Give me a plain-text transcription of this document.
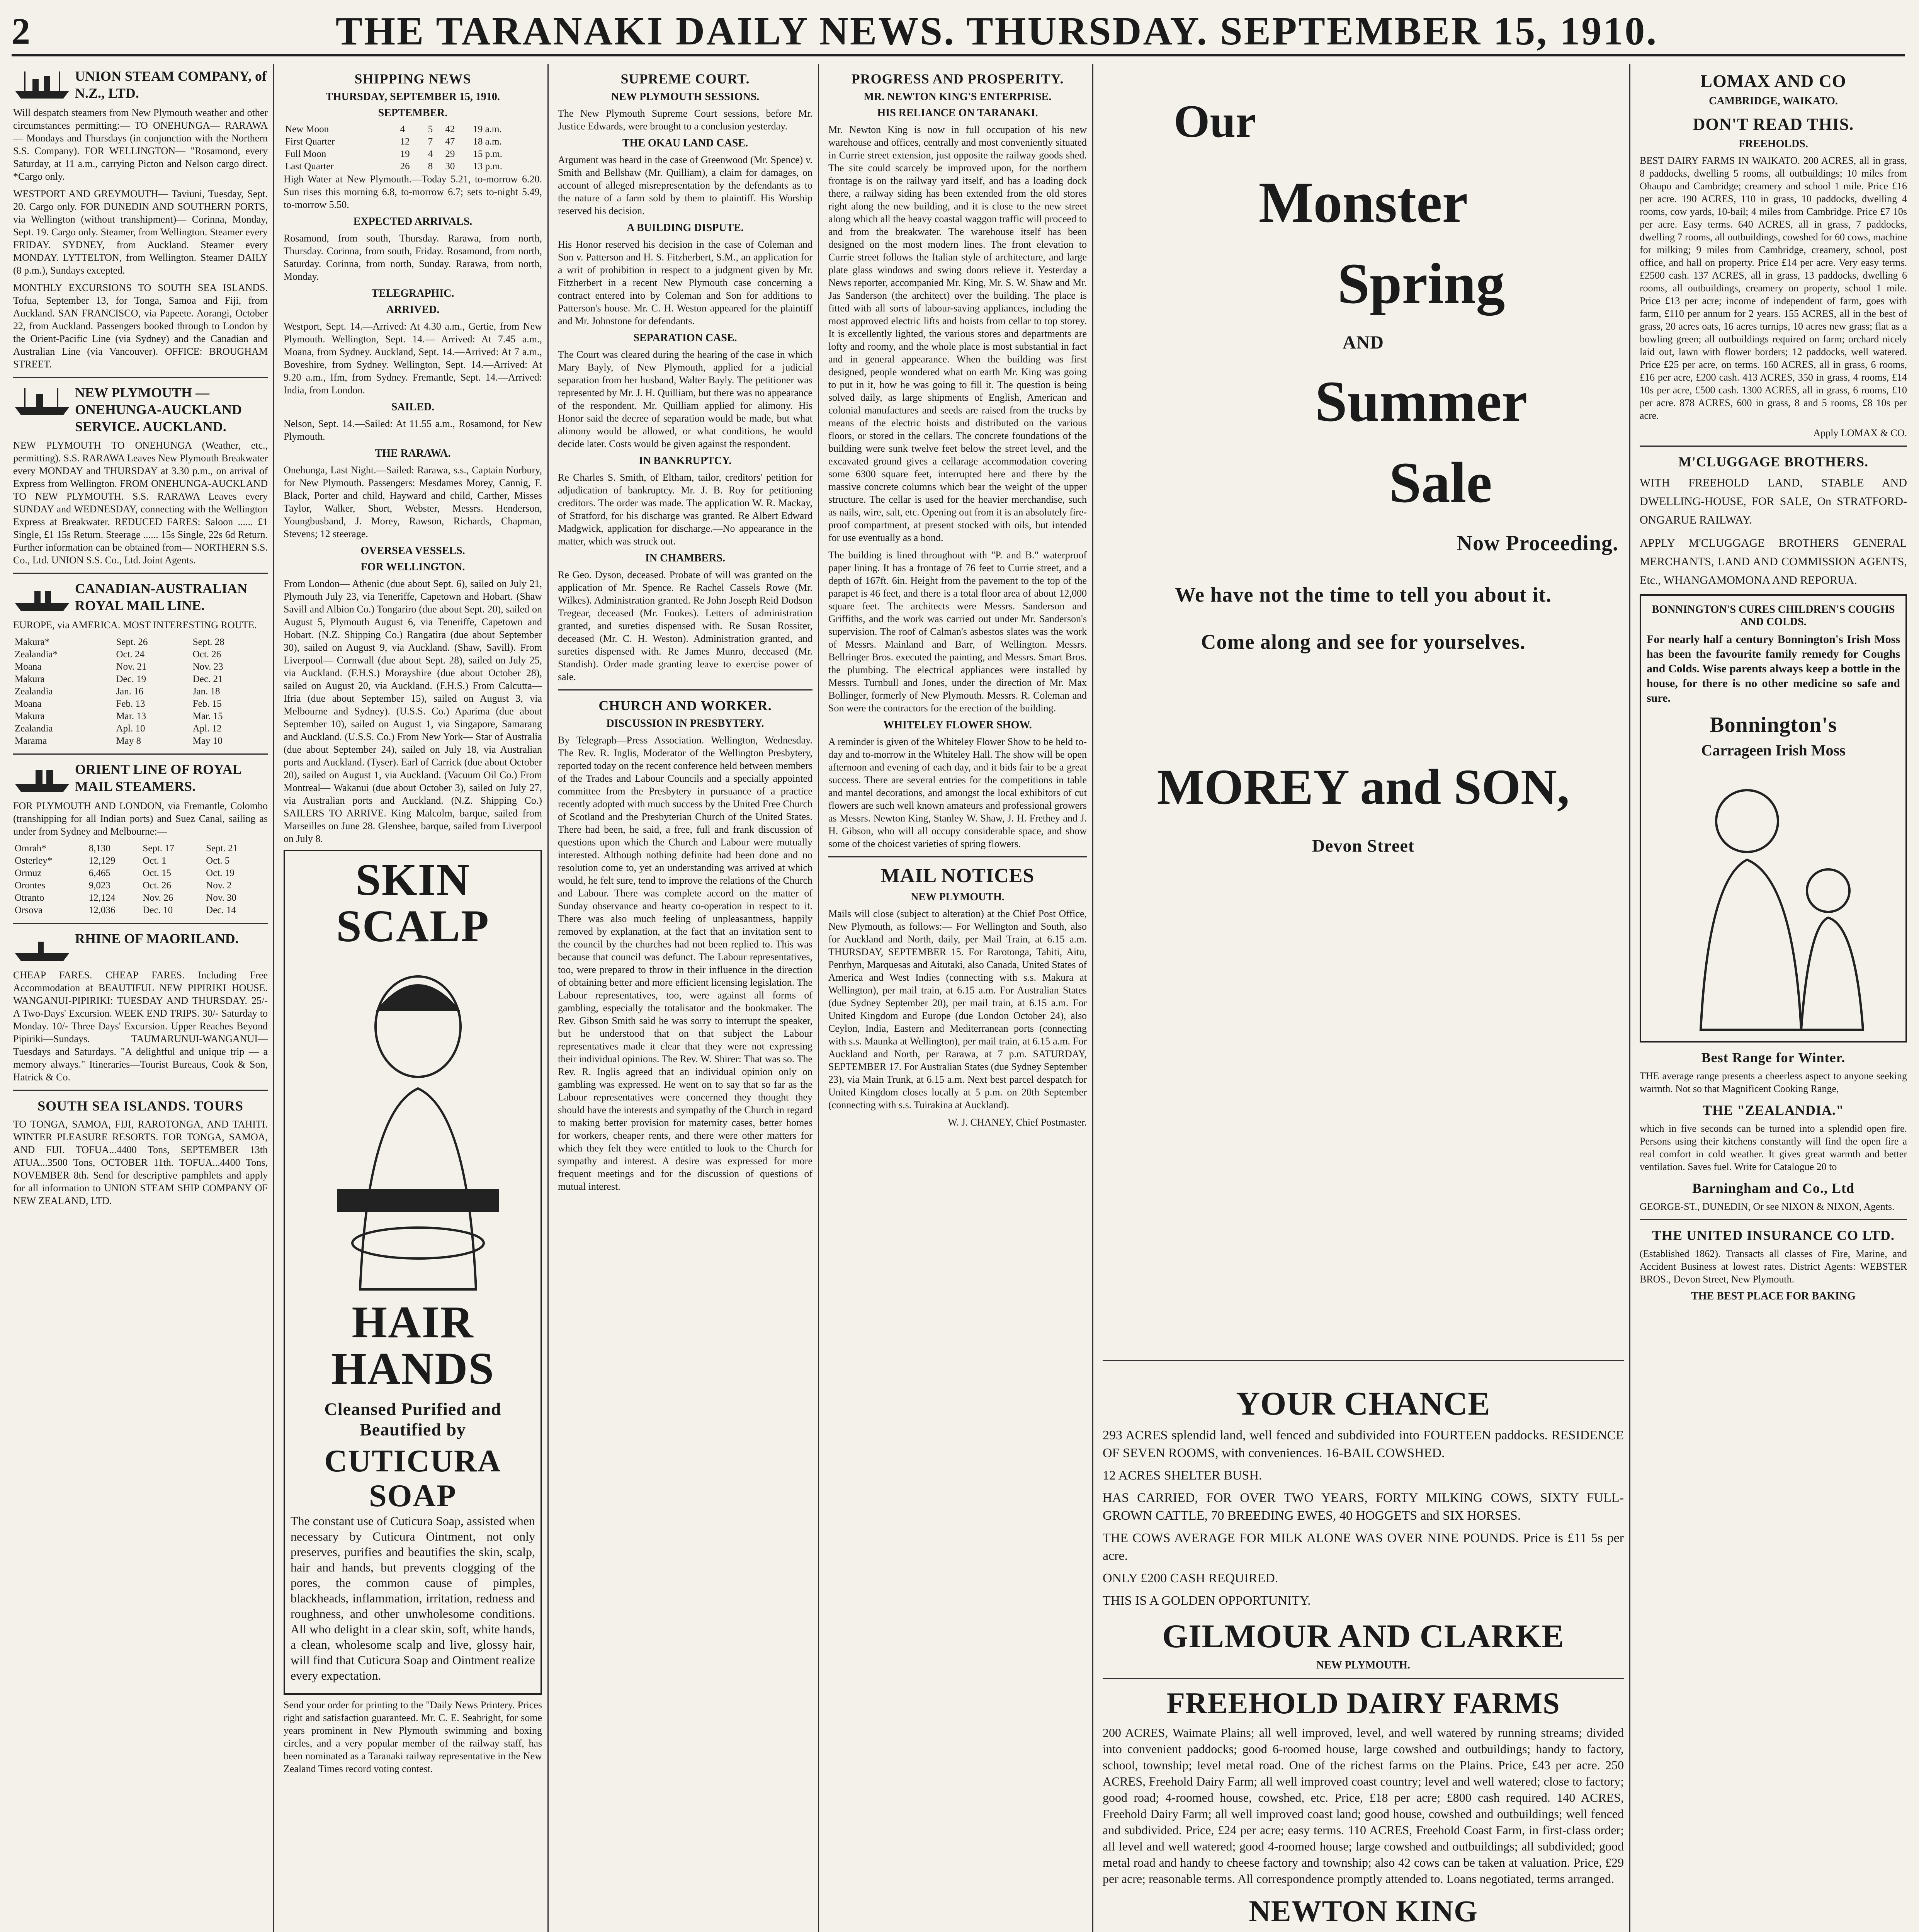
2	THE TARANAKI DAILY NEWS. THURSDAY. SEPTEMBER 15, 1910.
UNION STEAM COMPANY, of N.Z., LTD.

Will despatch steamers from New Plymouth weather and other circumstances permitting:— TO ONEHUNGA— RARAWA — Mondays and Thursdays (in conjunction with the Northern S.S. Company). FOR WELLINGTON— "Rosamond, every Saturday, at 11 a.m., carrying Picton and Nelson cargo direct. *Cargo only.

WESTPORT AND GREYMOUTH— Taviuni, Tuesday, Sept. 20. Cargo only. FOR DUNEDIN AND SOUTHERN PORTS, via Wellington (without transhipment)— Corinna, Monday, Sept. 19. Cargo only. Steamer, from Wellington. Steamer every FRIDAY. SYDNEY, from Auckland. Steamer every MONDAY. LYTTELTON, from Wellington. Steamer DAILY (8 p.m.), Sundays excepted.

MONTHLY EXCURSIONS TO SOUTH SEA ISLANDS. Tofua, September 13, for Tonga, Samoa and Fiji, from Auckland. SAN FRANCISCO, via Papeete. Aorangi, October 22, from Auckland. Passengers booked through to London by the Orient-Pacific Line (via Sydney) and the Canadian and Australian Line (via Vancouver). OFFICE: BROUGHAM STREET.

NEW PLYMOUTH — ONEHUNGA-AUCKLAND SERVICE. AUCKLAND.

NEW PLYMOUTH TO ONEHUNGA (Weather, etc., permitting). S.S. RARAWA Leaves New Plymouth Breakwater every MONDAY and THURSDAY at 3.30 p.m., on arrival of Express from Wellington. FROM ONEHUNGA-AUCKLAND TO NEW PLYMOUTH. S.S. RARAWA Leaves every SUNDAY and WEDNESDAY, connecting with the Wellington Express at Breakwater. REDUCED FARES: Saloon ...... £1 Single, £1 15s Return. Steerage ...... 15s Single, 22s 6d Return. Further information can be obtained from— NORTHERN S.S. Co., Ltd. UNION S.S. Co., Ltd. Joint Agents.

CANADIAN-AUSTRALIAN ROYAL MAIL LINE.

EUROPE, via AMERICA. MOST INTERESTING ROUTE.

Makura*	Sept. 26	Sept. 28
Zealandia*	Oct. 24	Oct. 26
Moana	Nov. 21	Nov. 23
Makura	Dec. 19	Dec. 21
Zealandia	Jan. 16	Jan. 18
Moana	Feb. 13	Feb. 15
Makura	Mar. 13	Mar. 15
Zealandia	Apl. 10	Apl. 12
Marama	May 8	May 10
ORIENT LINE OF ROYAL MAIL STEAMERS.

FOR PLYMOUTH AND LONDON, via Fremantle, Colombo (transhipping for all Indian ports) and Suez Canal, sailing as under from Sydney and Melbourne:—

Omrah*	8,130	Sept. 17	Sept. 21
Osterley*	12,129	Oct. 1	Oct. 5
Ormuz	6,465	Oct. 15	Oct. 19
Orontes	9,023	Oct. 26	Nov. 2
Otranto	12,124	Nov. 26	Nov. 30
Orsova	12,036	Dec. 10	Dec. 14
RHINE OF MAORILAND.

CHEAP FARES. CHEAP FARES. Including Free Accommodation at BEAUTIFUL NEW PIPIRIKI HOUSE. WANGANUI-PIPIRIKI: TUESDAY AND THURSDAY. 25/- A Two-Days' Excursion. WEEK END TRIPS. 30/- Saturday to Monday. 10/- Three Days' Excursion. Upper Reaches Beyond Pipiriki—Sundays. TAUMARUNUI-WANGANUI— Tuesdays and Saturdays. "A delightful and unique trip — a memory always." Itineraries—Tourist Bureaus, Cook & Son, Hatrick & Co.

SOUTH SEA ISLANDS. TOURS

TO TONGA, SAMOA, FIJI, RAROTONGA, AND TAHITI. WINTER PLEASURE RESORTS. FOR TONGA, SAMOA, AND FIJI. TOFUA...4400 Tons, SEPTEMBER 13th ATUA...3500 Tons, OCTOBER 11th. TOFUA...4400 Tons, NOVEMBER 8th. Send for descriptive pamphlets and apply for all information to UNION STEAM SHIP COMPANY OF NEW ZEALAND, LTD.

SHIPPING NEWS
THURSDAY, SEPTEMBER 15, 1910.
SEPTEMBER.
New Moon	4	5	42	19 a.m.
First Quarter	12	7	47	18 a.m.
Full Moon	19	4	29	15 p.m.
Last Quarter	26	8	30	13 p.m.

High Water at New Plymouth.—Today 5.21, to-morrow 6.20. Sun rises this morning 6.8, to-morrow 6.7; sets to-night 5.49, to-morrow 5.50.

EXPECTED ARRIVALS.

Rosamond, from south, Thursday. Rarawa, from north, Thursday. Corinna, from south, Friday. Rosamond, from north, Saturday. Corinna, from north, Sunday. Rarawa, from north, Monday.

TELEGRAPHIC.
ARRIVED.

Westport, Sept. 14.—Arrived: At 4.30 a.m., Gertie, from New Plymouth. Wellington, Sept. 14.— Arrived: At 7.45 a.m., Moana, from Sydney. Auckland, Sept. 14.—Arrived: At 7 a.m., Boveshire, from Sydney. Wellington, Sept. 14.—Arrived: At 9.20 a.m., Ifm, from Sydney. Fremantle, Sept. 14.—Arrived: India, from London.

SAILED.

Nelson, Sept. 14.—Sailed: At 11.55 a.m., Rosamond, for New Plymouth.

THE RARAWA.

Onehunga, Last Night.—Sailed: Rarawa, s.s., Captain Norbury, for New Plymouth. Passengers: Mesdames Morey, Cannig, F. Black, Porter and child, Hayward and child, Carther, Misses Taylor, Walker, Short, Webster, Messrs. Henderson, Youngbusband, J. Morey, Rawson, Richards, Chapman, Stevens; 12 steerage.

OVERSEA VESSELS.
FOR WELLINGTON.

From London— Athenic (due about Sept. 6), sailed on July 21, Plymouth July 23, via Teneriffe, Capetown and Hobart. (Shaw Savill and Albion Co.) Tongariro (due about Sept. 20), sailed on August 5, Plymouth August 6, via Teneriffe, Capetown and Hobart. (N.Z. Shipping Co.) Rangatira (due about September 30), sailed on August 9, via Auckland. (Shaw, Savill). From Liverpool— Cornwall (due about Sept. 28), sailed on July 25, via Auckland. (F.H.S.) Morayshire (due about October 28), sailed on August 20, via Auckland. (F.H.S.) From Calcutta— Ifria (due about September 15), sailed on August 3, via Melbourne and Sydney). (U.S.S. Co.) Aparima (due about September 10), sailed on August 1, via Singapore, Samarang and Auckland. (U.S.S. Co.) From New York— Star of Australia (due about September 24), sailed on July 18, via Australian ports and Auckland. (Tyser). Earl of Carrick (due about October 20), sailed on August 1, via Auckland. (Vacuum Oil Co.) From Montreal— Wakanui (due about October 3), sailed on July 27, via Australian ports and Auckland. (N.Z. Shipping Co.) SAILERS TO ARRIVE. King Malcolm, barque, sailed from Marseilles on June 28. Glenshee, barque, sailed from Liverpool on July 8.

SKIN SCALP
HAIR HANDS
Cleansed Purified and Beautified by
CUTICURA SOAP

The constant use of Cuticura Soap, assisted when necessary by Cuticura Ointment, not only preserves, purifies and beautifies the skin, scalp, hair and hands, but prevents clogging of the pores, the common cause of pimples, blackheads, inflammation, irritation, redness and roughness, and other unwholesome conditions. All who delight in a clear skin, soft, white hands, a clean, wholesome scalp and live, glossy hair, will find that Cuticura Soap and Ointment realize every expectation.

Send your order for printing to the "Daily News Printery. Prices right and satisfaction guaranteed. Mr. C. E. Seabright, for some years prominent in New Plymouth swimming and boxing circles, and a very popular member of the railway staff, has been nominated as a Taranaki railway representative in the New Zealand Times record voting contest.

SUPREME COURT.
NEW PLYMOUTH SESSIONS.

The New Plymouth Supreme Court sessions, before Mr. Justice Edwards, were brought to a conclusion yesterday.

THE OKAU LAND CASE.

Argument was heard in the case of Greenwood (Mr. Spence) v. Smith and Bellshaw (Mr. Quilliam), a claim for damages, on account of alleged misrepresentation by the defendants as to the nature of a farm sold by them to plaintiff. His Worship reserved his decision.

A BUILDING DISPUTE.

His Honor reserved his decision in the case of Coleman and Son v. Patterson and H. S. Fitzherbert, S.M., an application for a writ of prohibition in respect to a judgment given by Mr. Fitzherbert in a recent New Plymouth case concerning a contract entered into by Coleman and Son for additions to Patterson's house. Mr. C. H. Weston appeared for the plaintiff and Mr. Johnstone for defendants.

SEPARATION CASE.

The Court was cleared during the hearing of the case in which Mary Bayly, of New Plymouth, applied for a judicial separation from her husband, Walter Bayly. The petitioner was represented by Mr. J. H. Quilliam, but there was no appearance of the respondent. Mr. Quilliam applied for alimony. His Honor said the decree of separation would be made, but what alimony would be allowed, or what conditions, he would decide later. Costs would be given against the respondent.

IN BANKRUPTCY.

Re Charles S. Smith, of Eltham, tailor, creditors' petition for adjudication of bankruptcy. Mr. J. B. Roy for petitioning creditors. The order was made. The application W. R. Mackay, of Stratford, for his discharge was granted. Re Albert Edward Madgwick, application for discharge.—No appearance in the matter, which was struck out.

IN CHAMBERS.

Re Geo. Dyson, deceased. Probate of will was granted on the application of Mr. Spence. Re Rachel Cassels Rowe (Mr. Wilkes). Administration granted. Re John Joseph Reid Dodson Tregear, deceased (Mr. Fookes). Letters of administration granted, and sureties dispensed with. Re Susan Rossiter, deceased (Mr. C. H. Weston). Administration granted, and sureties dispensed with. Re James Munro, deceased (Mr. Standish). Order made granting leave to exercise power of sale.

CHURCH AND WORKER.
DISCUSSION IN PRESBYTERY.

By Telegraph—Press Association. Wellington, Wednesday. The Rev. R. Inglis, Moderator of the Wellington Presbytery, reported today on the recent conference held between members of the Trades and Labour Councils and a specially appointed committee from the Presbytery in pursuance of a practice recently adopted with much success by the United Free Church of Scotland and the Presbyterian Church of the United States. There had been, he said, a free, full and frank discussion of questions upon which the Church and Labour were mutually interested. Although nothing definite had been done and no resolution come to, yet an understanding was arrived at which would, he felt sure, tend to improve the relations of the Church and Labour. There was complete accord on the matter of Sunday observance and hearty co-operation in respect to it. There was also much feeling of unpleasantness, happily removed by explanation, at the fact that an invitation sent to the council by the churches had not been replied to. This was because that council was defunct. The Labour representatives, too, were prepared to throw in their influence in the direction of obtaining better and more efficient licensing legislation. The Labour representatives, too, were against all forms of gambling, especially the totalisator and the bookmaker. The Rev. Gibson Smith said he was sorry to interrupt the speaker, but he understood that on that subject the Labour representatives made it clear that they were not expressing their individual opinions. The Rev. W. Shirer: That was so. The Rev. R. Inglis agreed that an individual opinion only on gambling was expressed. He went on to say that so far as the Labour representatives were concerned they thought they should have the interests and sympathy of the Church in regard to making better provision for maternity cases, better homes for workers, cheaper rents, and there were other matters for which they felt they were entitled to look to the Church for sympathy and interest. A desire was expressed for more frequent meetings and for the discussion of questions of mutual interest.

PROGRESS AND PROSPERITY.
MR. NEWTON KING'S ENTERPRISE.
HIS RELIANCE ON TARANAKI.

Mr. Newton King is now in full occupation of his new warehouse and offices, centrally and most conveniently situated in Currie street extension, just opposite the railway goods shed. The site could scarcely be improved upon, for the northern frontage is on the railway yard itself, and has a loading dock there, a railway siding has been extended from the old stores right along the new building, and it is close to the new street along which all the heavy coastal waggon traffic will proceed to and from the breakwater. The warehouse itself has been designed on the most modern lines. The front elevation to Currie street follows the Italian style of architecture, and large plate glass windows and swing doors relieve it. Yesterday a News reporter, accompanied Mr. King, Mr. S. W. Shaw and Mr. Jas Sanderson (the architect) over the building. The place is fitted with all sorts of labour-saving appliances, including the most approved electric lifts and hoists from cellar to top storey. It is excellently lighted, the various stores and departments are lofty and roomy, and the whole place is most substantial in fact and in general appearance. When the building was first designed, people wondered what on earth Mr. King was going to put in it, how he was going to fill it. The question is being solved daily, as large shipments of English, American and colonial manufactures and seeds are raised from the trucks by means of the electric hoists and distributed on the various floors, or stored in the cellars. The concrete foundations of the building were sunk twelve feet below the street level, and the excavated ground gives a cellarage accommodation covering some 6300 square feet, interrupted here and there by the massive concrete columns which bear the weight of the upper structure. The cellar is used for the heavier merchandise, such as nails, wire, salt, etc. Opening out from it is an absolutely fire-proof compartment, at present stocked with oils, but intended for use eventually as a bond.

The building is lined throughout with "P. and B." waterproof paper lining. It has a frontage of 76 feet to Currie street, and a depth of 167ft. 6in. Height from the pavement to the top of the parapet is 46 feet, and there is a total floor area of about 12,000 square feet. The architects were Messrs. Sanderson and Griffiths, and the work was carried out under Mr. Sanderson's supervision. The roof of Calman's asbestos slates was the work of Messrs. Mainland and Barr, of Wellington. Messrs. Bellringer Bros. executed the painting, and Messrs. Smart Bros. the plumbing. The electrical appliances were installed by Messrs. Turnbull and Jones, under the direction of Mr. Max Bollinger, formerly of New Plymouth. Messrs. R. Coleman and Son were the contractors for the erection of the building.

WHITELEY FLOWER SHOW.

A reminder is given of the Whiteley Flower Show to be held to-day and to-morrow in the Whiteley Hall. The show will be open afternoon and evening of each day, and it bids fair to be a great success. There are several entries for the competitions in table and mantel decorations, and amongst the local exhibitors of cut flowers are such well known amateurs and professional growers as Messrs. Newton King, Stanley W. Shaw, J. H. Frethey and J. H. Gibson, who will all occupy considerable space, and show some of the choicest varieties of spring flowers.

MAIL NOTICES
NEW PLYMOUTH.

Mails will close (subject to alteration) at the Chief Post Office, New Plymouth, as follows:— For Wellington and South, also for Auckland and North, daily, per Mail Train, at 6.15 a.m. THURSDAY, SEPTEMBER 15. For Rarotonga, Tahiti, Aitu, Penrhyn, Marquesas and Aitutaki, also Canada, United States of America and West Indies (connecting with s.s. Makura at Wellington), per mail train, at 6.15 a.m. For Australian States (due Sydney September 20), per mail train, at 6.15 a.m. For United Kingdom and Europe (due London October 24), also Ceylon, India, Eastern and Mediterranean ports (connecting with s.s. Maunka at Wellington), per mail train, at 6.15 a.m. For Auckland and North, per Rarawa, at 7 p.m. SATURDAY, SEPTEMBER 17. For Australian States (due Sydney September 23), via Main Trunk, at 6.15 a.m. Next best parcel despatch for United Kingdom closes locally at 5 p.m. on 20th September (connecting with s.s. Tuirakina at Auckland).

W. J. CHANEY, Chief Postmaster.

Our
Monster
Spring
AND
Summer
Sale
Now Proceeding.
We have not the time to tell you about it.
Come along and see for yourselves.
MOREY and SON,
Devon Street
YOUR CHANCE

293 ACRES splendid land, well fenced and subdivided into FOURTEEN paddocks. RESIDENCE OF SEVEN ROOMS, with conveniences. 16-BAIL COWSHED.

12 ACRES SHELTER BUSH.

HAS CARRIED, FOR OVER TWO YEARS, FORTY MILKING COWS, SIXTY FULL-GROWN CATTLE, 70 BREEDING EWES, 40 HOGGETS and SIX HORSES.

THE COWS AVERAGE FOR MILK ALONE WAS OVER NINE POUNDS. Price is £11 5s per acre.

ONLY £200 CASH REQUIRED.

THIS IS A GOLDEN OPPORTUNITY.

GILMOUR AND CLARKE
NEW PLYMOUTH.
FREEHOLD DAIRY FARMS

200 ACRES, Waimate Plains; all well improved, level, and well watered by running streams; divided into convenient paddocks; good 6-roomed house, large cowshed and outbuildings; handy to factory, school, township; level metal road. One of the richest farms on the Plains. Price, £43 per acre. 250 ACRES, Freehold Dairy Farm; all well improved coast country; level and well watered; close to factory; good road; 4-roomed house, cowshed, etc. Price, £18 per acre; £800 cash required. 140 ACRES, Freehold Dairy Farm; all well improved coast land; good house, cowshed and outbuildings; well fenced and subdivided. Price, £24 per acre; easy terms. 110 ACRES, Freehold Coast Farm, in first-class order; all level and well watered; good 4-roomed house; large cowshed and outbuildings; all subdivided; good metal road and handy to cheese factory and township; also 42 cows can be taken at valuation. Price, £29 per acre; reasonable terms. All correspondence promptly attended to. Loans negotiated, terms arranged.

NEWTON KING
LOMAX AND CO
CAMBRIDGE, WAIKATO.
DON'T READ THIS.
FREEHOLDS.

BEST DAIRY FARMS IN WAIKATO. 200 ACRES, all in grass, 8 paddocks, dwelling 5 rooms, all outbuildings; 10 miles from Ohaupo and Cambridge; creamery and school 1 mile. Price £16 per acre. 190 ACRES, 110 in grass, 10 paddocks, dwelling 4 rooms, cow yards, 10-bail; 4 miles from Cambridge. Price £7 10s per acre. Easy terms. 640 ACRES, all in grass, 7 paddocks, dwelling 7 rooms, all outbuildings, cowshed for 60 cows, machine for milking; 9 miles from Cambridge, creamery, school, post office, and hall on property. Price £14 per acre. Very easy terms. £2500 cash. 137 ACRES, all in grass, 13 paddocks, dwelling 6 rooms, all outbuildings, creamery on property, school 1 mile. Price £13 per acre; income of independent of farm, goes with farm, £110 per annum for 2 years. 155 ACRES, all in the best of grass, 20 acres oats, 16 acres turnips, 10 acres new grass; flat as a bowling green; all outbuildings required on farm; orchard nicely laid out, lawn with flower borders; 12 paddocks, well watered. Price £25 per acre, on terms. 160 ACRES, all in grass, 6 rooms, £16 per acre, £200 cash. 413 ACRES, 350 in grass, 4 rooms, £14 10s per acre, £500 cash. 1300 ACRES, all in grass, 6 rooms, £10 per acre. 878 ACRES, 600 in grass, 8 and 5 rooms, £8 10s per acre.

Apply LOMAX & CO.

M'CLUGGAGE BROTHERS.

WITH FREEHOLD LAND, STABLE AND DWELLING-HOUSE, FOR SALE, On STRATFORD-ONGARUE RAILWAY.

APPLY M'CLUGGAGE BROTHERS GENERAL MERCHANTS, LAND AND COMMISSION AGENTS, Etc., WHANGAMOMONA AND REPORUA.

BONNINGTON'S CURES CHILDREN'S COUGHS AND COLDS.

For nearly half a century Bonnington's Irish Moss has been the favourite family remedy for Coughs and Colds. Wise parents always keep a bottle in the house, for there is no other medicine so safe and sure.

Bonnington's
Carrageen Irish Moss
Best Range for Winter.

THE average range presents a cheerless aspect to anyone seeking warmth. Not so that Magnificent Cooking Range,

THE "ZEALANDIA."

which in five seconds can be turned into a splendid open fire. Persons using their kitchens constantly will find the open fire a real comfort in cold weather. It gives great warmth and better ventilation. Saves fuel. Write for Catalogue 20 to

Barningham and Co., Ltd

GEORGE-ST., DUNEDIN, Or see NIXON & NIXON, Agents.

THE UNITED INSURANCE CO LTD.

(Established 1862). Transacts all classes of Fire, Marine, and Accident Business at lowest rates. District Agents: WEBSTER BROS., Devon Street, New Plymouth.

THE BEST PLACE FOR BAKING
